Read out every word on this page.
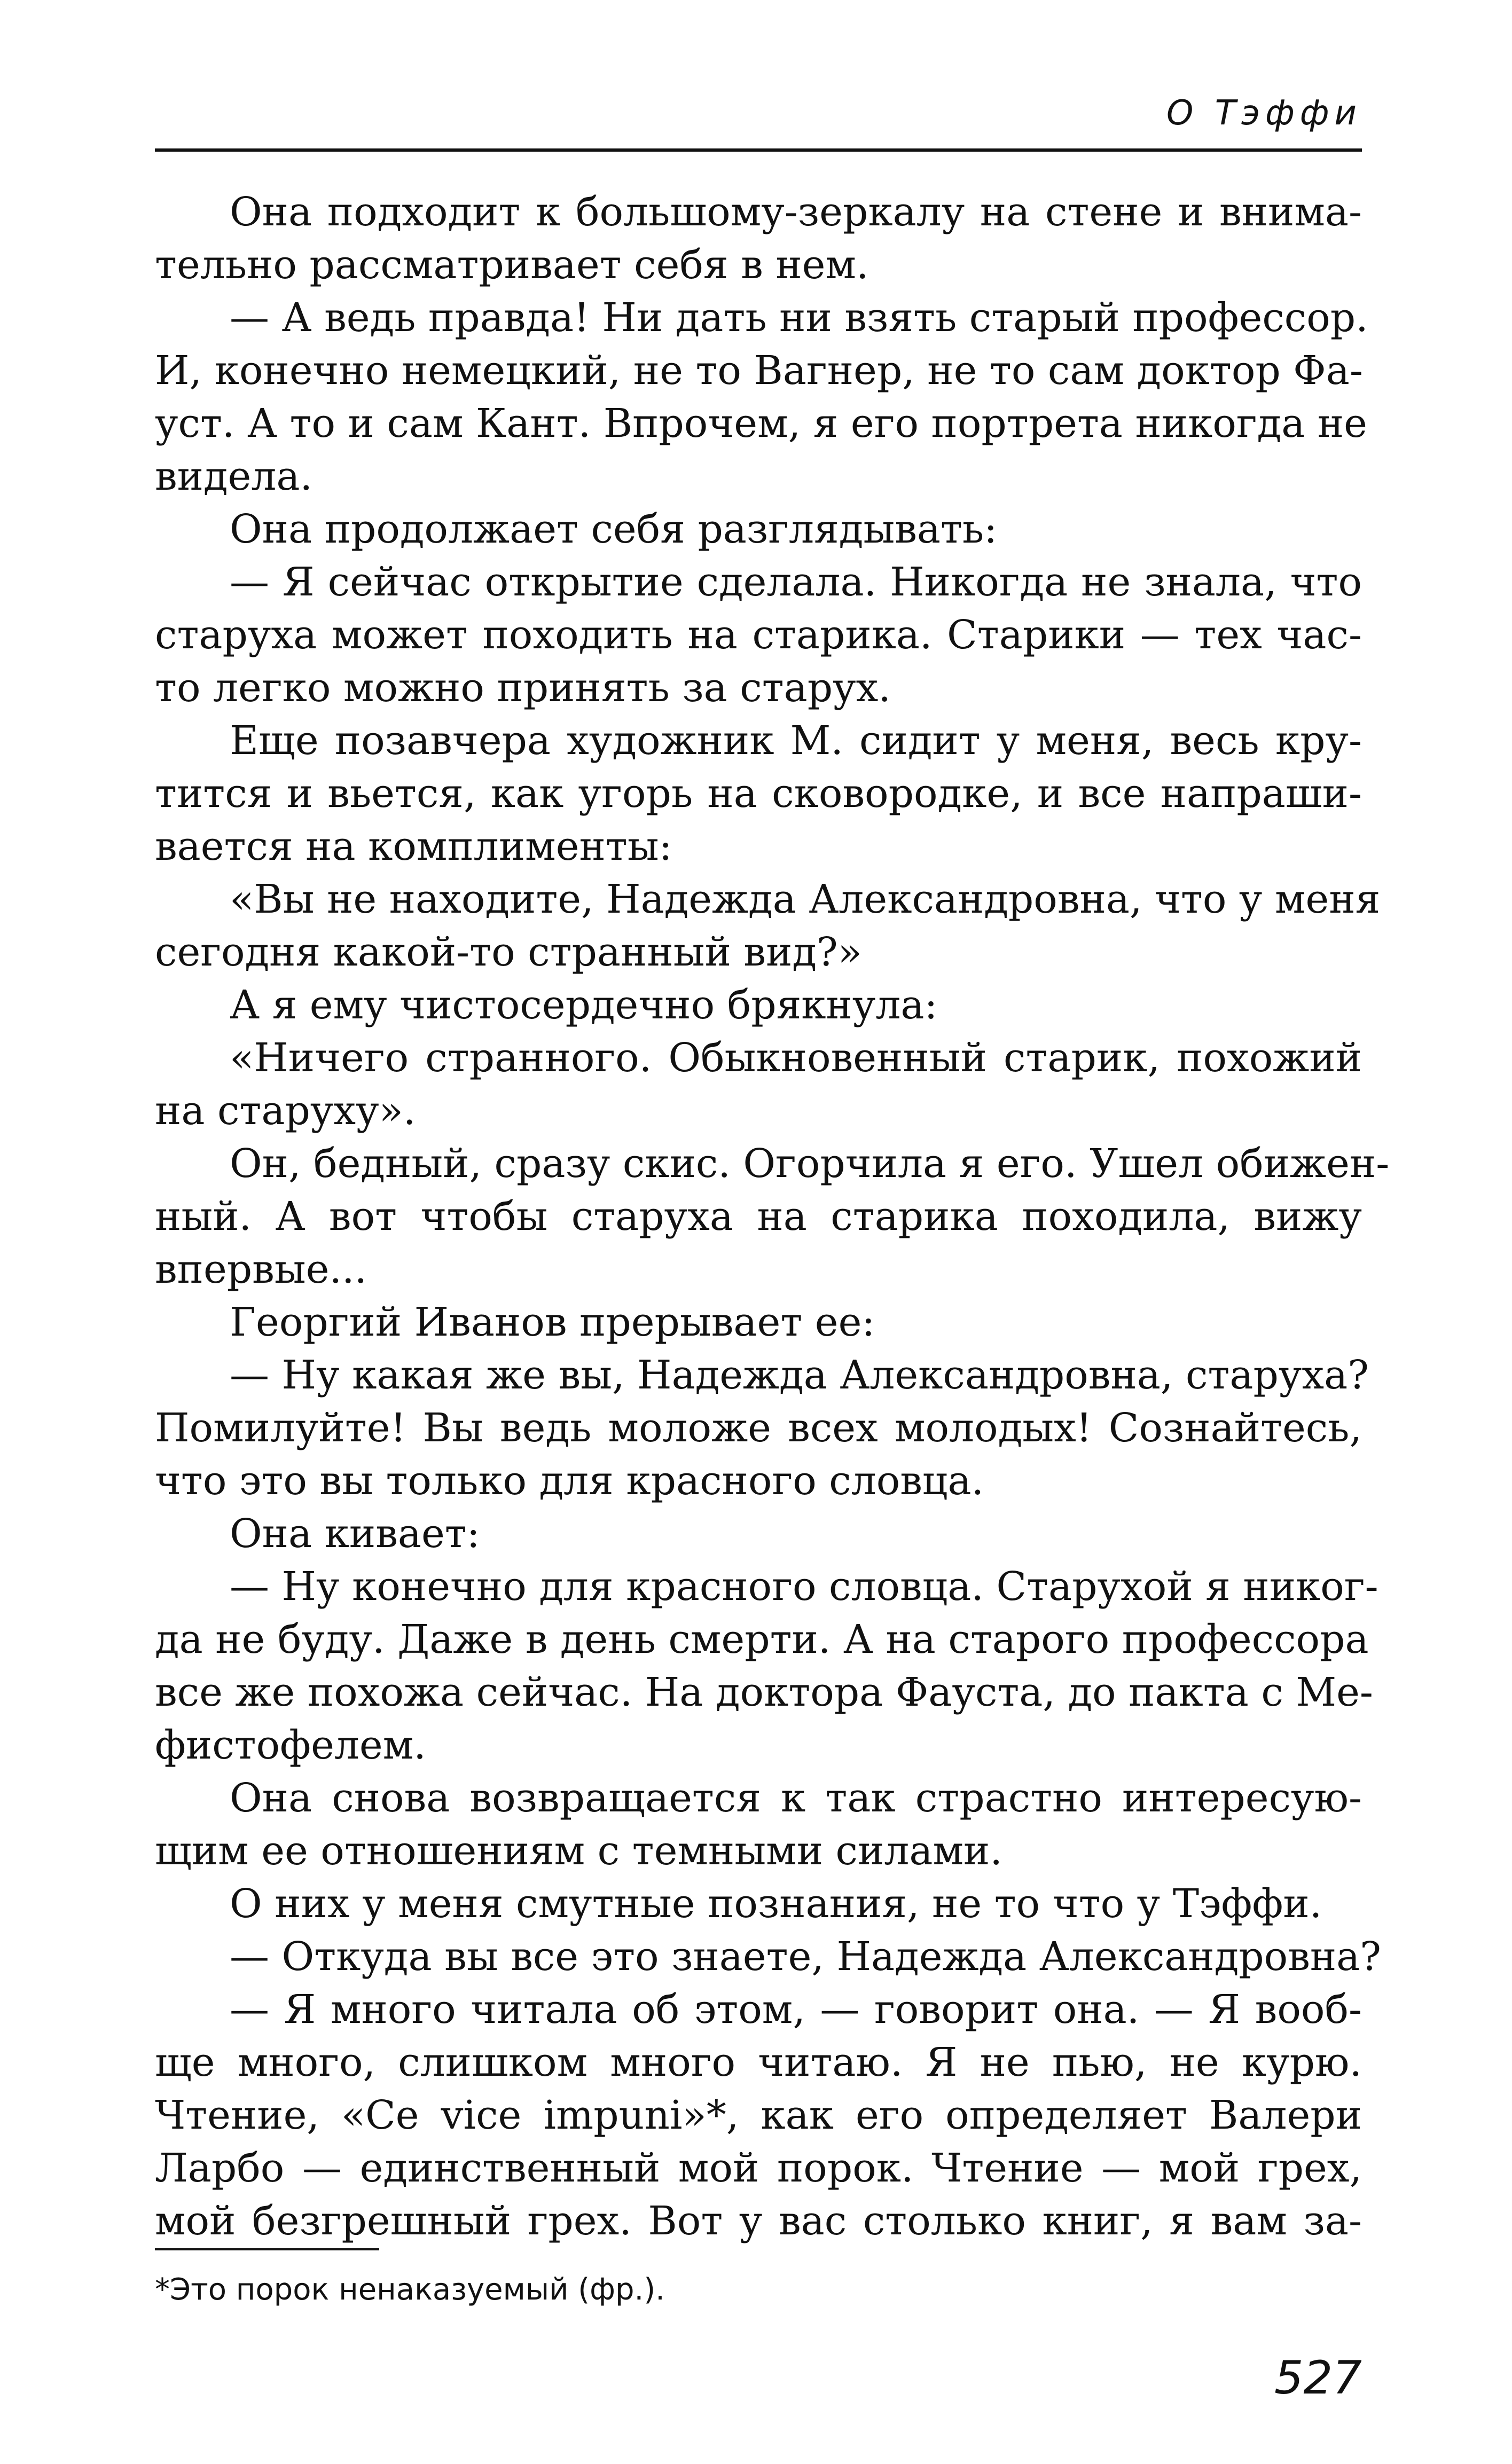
О Тэффи
Она подходит к большому-зеркалу на стене и внима-
тельно рассматривает себя в нем.
— А ведь правда! Ни дать ни взять старый профессор.
И, конечно немецкий, не то Вагнер, не то сам доктор Фа-
уст. А то и сам Кант. Впрочем, я его портрета никогда не
видела.
Она продолжает себя разглядывать:
— Я сейчас открытие сделала. Никогда не знала, что
старуха может походить на старика. Старики — тех час-
то легко можно принять за старух.
Еще позавчера художник М. сидит у меня, весь кру-
тится и вьется, как угорь на сковородке, и все напраши-
вается на комплименты:
«Вы не находите, Надежда Александровна, что у меня
сегодня какой-то странный вид?»
А я ему чистосердечно брякнула:
«Ничего странного. Обыкновенный старик, похожий
на старуху».
Он, бедный, сразу скис. Огорчила я его. Ушел обижен-
ный. А вот чтобы старуха на старика походила, вижу
впервые...
Георгий Иванов прерывает ее:
— Ну какая же вы, Надежда Александровна, старуха?
Помилуйте! Вы ведь моложе всех молодых! Сознайтесь,
что это вы только для красного словца.
Она кивает:
— Ну конечно для красного словца. Старухой я никог-
да не буду. Даже в день смерти. А на старого профессора
все же похожа сейчас. На доктора Фауста, до пакта с Ме-
фистофелем.
Она снова возвращается к так страстно интересую-
щим ее отношениям с темными силами.
О них у меня смутные познания, не то что у Тэффи.
— Откуда вы все это знаете, Надежда Александровна?
— Я много читала об этом, — говорит она. — Я вооб-
ще много, слишком много читаю. Я не пью, не курю.
Чтение, «Ce vice impuni»*, как его определяет Валери
Ларбо — единственный мой порок. Чтение — мой грех,
мой безгрешный грех. Вот у вас столько книг, я вам за-
*Это порок ненаказуемый (фр.).
527
